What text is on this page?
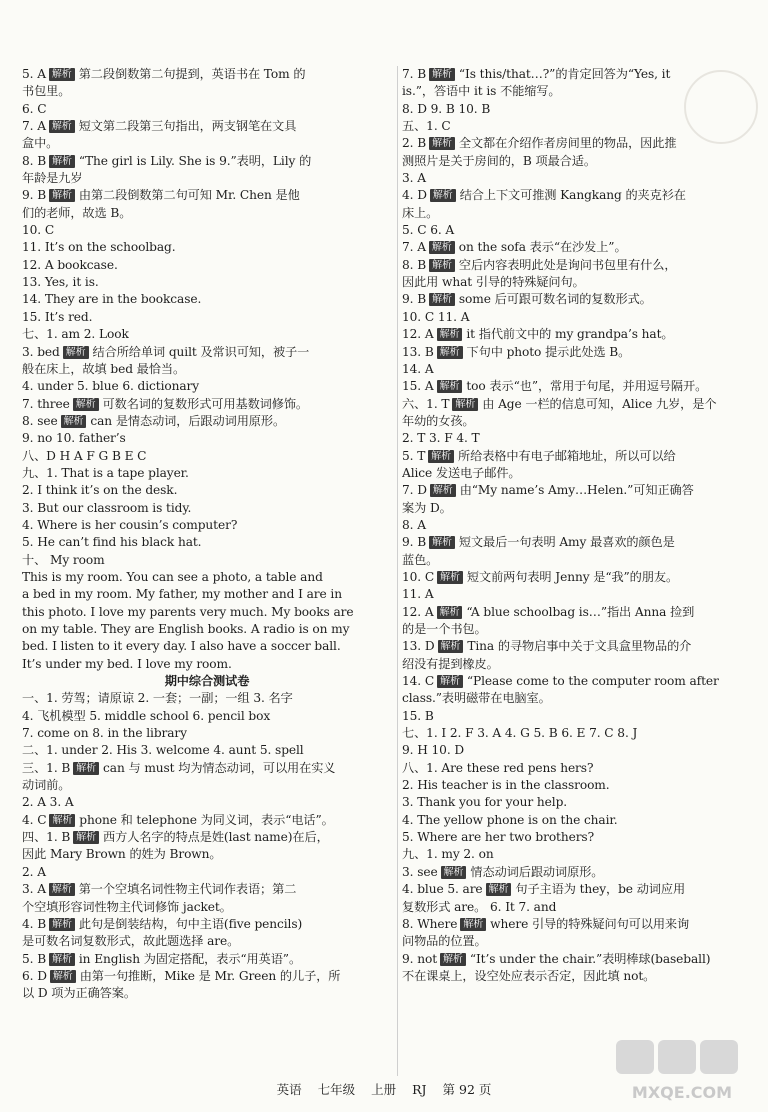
5. A 解析 第二段倒数第二句提到，英语书在 Tom 的
书包里。
6. C
7. A 解析 短文第二段第三句指出，两支钢笔在文具
盒中。
8. B 解析 “The girl is Lily. She is 9.”表明，Lily 的
年龄是九岁
9. B 解析 由第二段倒数第二句可知 Mr. Chen 是他
们的老师，故选 B。
10. C
11. It’s on the schoolbag.
12. A bookcase.
13. Yes, it is.
14. They are in the bookcase.
15. It’s red.
七、1. am 2. Look
3. bed 解析 结合所给单词 quilt 及常识可知，被子一
般在床上，故填 bed 最恰当。
4. under 5. blue 6. dictionary
7. three 解析 可数名词的复数形式可用基数词修饰。
8. see 解析 can 是情态动词，后跟动词用原形。
9. no 10. father’s
八、D H A F G B E C
九、1. That is a tape player.
2. I think it’s on the desk.
3. But our classroom is tidy.
4. Where is her cousin’s computer?
5. He can’t find his black hat.
十、 My room
This is my room. You can see a photo, a table and
a bed in my room. My father, my mother and I are in
this photo. I love my parents very much. My books are
on my table. They are English books. A radio is on my
bed. I listen to it every day. I also have a soccer ball.
It’s under my bed. I love my room.
期中综合测试卷
一、1. 劳驾；请原谅 2. 一套；一副；一组 3. 名字
4. 飞机模型 5. middle school 6. pencil box
7. come on 8. in the library
二、1. under 2. His 3. welcome 4. aunt 5. spell
三、1. B 解析 can 与 must 均为情态动词，可以用在实义
动词前。
2. A 3. A
4. C 解析 phone 和 telephone 为同义词，表示“电话”。
四、1. B 解析 西方人名字的特点是姓(last name)在后，
因此 Mary Brown 的姓为 Brown。
2. A
3. A 解析 第一个空填名词性物主代词作表语；第二
个空填形容词性物主代词修饰 jacket。
4. B 解析 此句是倒装结构，句中主语(five pencils)
是可数名词复数形式，故此题选择 are。
5. B 解析 in English 为固定搭配，表示“用英语”。
6. D 解析 由第一句推断，Mike 是 Mr. Green 的儿子，所
以 D 项为正确答案。
7. B 解析 “Is this/that…?”的肯定回答为“Yes, it
is.”，答语中 it is 不能缩写。
8. D 9. B 10. B
五、1. C
2. B 解析 全文都在介绍作者房间里的物品，因此推
测照片是关于房间的，B 项最合适。
3. A
4. D 解析 结合上下文可推测 Kangkang 的夹克衫在
床上。
5. C 6. A
7. A 解析 on the sofa 表示“在沙发上”。
8. B 解析 空后内容表明此处是询问书包里有什么，
因此用 what 引导的特殊疑问句。
9. B 解析 some 后可跟可数名词的复数形式。
10. C 11. A
12. A 解析 it 指代前文中的 my grandpa’s hat。
13. B 解析 下句中 photo 提示此处选 B。
14. A
15. A 解析 too 表示“也”，常用于句尾，并用逗号隔开。
六、1. T 解析 由 Age 一栏的信息可知，Alice 九岁，是个
年幼的女孩。
2. T 3. F 4. T
5. T 解析 所给表格中有电子邮箱地址，所以可以给
Alice 发送电子邮件。
7. D 解析 由“My name’s Amy…Helen.”可知正确答
案为 D。
8. A
9. B 解析 短文最后一句表明 Amy 最喜欢的颜色是
蓝色。
10. C 解析 短文前两句表明 Jenny 是“我”的朋友。
11. A
12. A 解析 “A blue schoolbag is…”指出 Anna 捡到
的是一个书包。
13. D 解析 Tina 的寻物启事中关于文具盒里物品的介
绍没有提到橡皮。
14. C 解析 “Please come to the computer room after
class.”表明磁带在电脑室。
15. B
七、1. I 2. F 3. A 4. G 5. B 6. E 7. C 8. J
9. H 10. D
八、1. Are these red pens hers?
2. His teacher is in the classroom.
3. Thank you for your help.
4. The yellow phone is on the chair.
5. Where are her two brothers?
九、1. my 2. on
3. see 解析 情态动词后跟动词原形。
4. blue 5. are 解析 句子主语为 they，be 动词应用
复数形式 are。 6. It 7. and
8. Where 解析 where 引导的特殊疑问句可以用来询
问物品的位置。
9. not 解析 “It’s under the chair.”表明棒球(baseball)
不在课桌上，设空处应表示否定，因此填 not。
英语 七年级 上册 RJ 第 92 页	MXQE.COM
